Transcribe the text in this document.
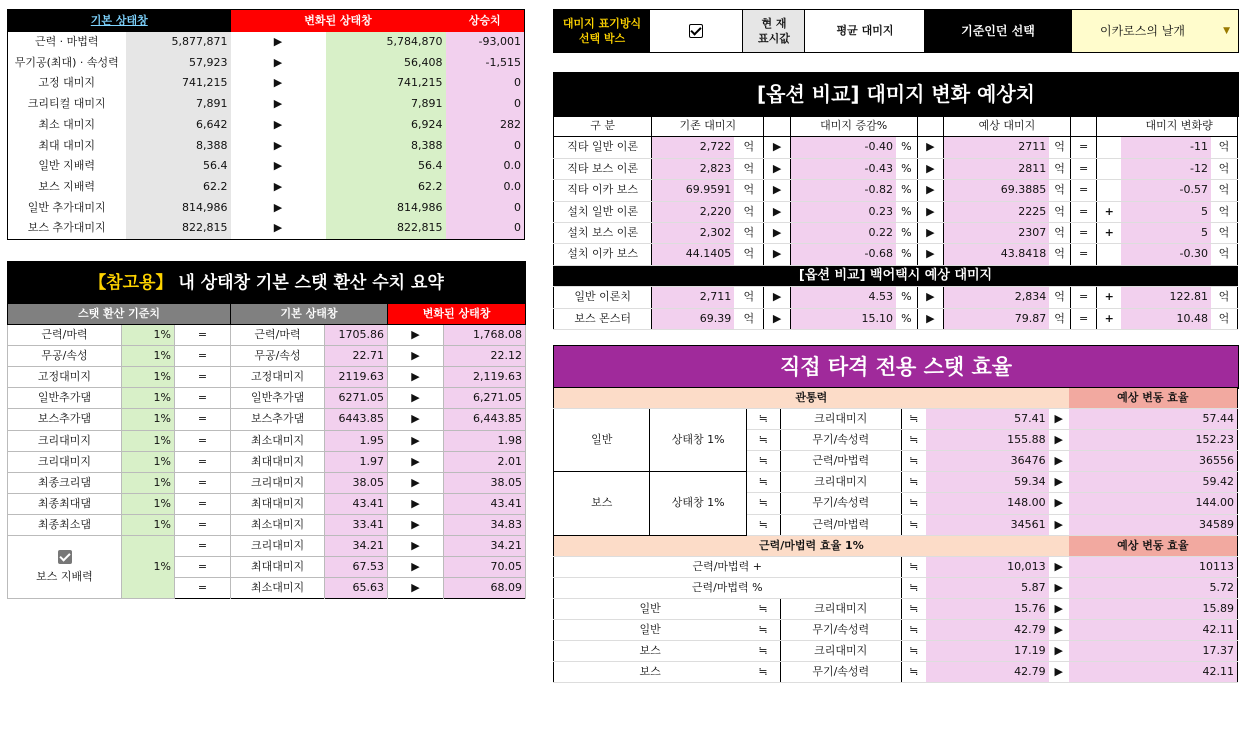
기본 상태창		변화된 상태창		상승치
근력 · 마법력	5,877,871	▶	5,784,870	-93,001
무기공(최대) · 속성력	57,923	▶	56,408	-1,515
고정 대미지	741,215	▶	741,215	0
크리티컬 대미지	7,891	▶	7,891	0
최소 대미지	6,642	▶	6,924	282
최대 대미지	8,388	▶	8,388	0
일반 지배력	56.4	▶	56.4	0.0
보스 지배력	62.2	▶	62.2	0.0
일반 추가대미지	814,986	▶	814,986	0
보스 추가대미지	822,815	▶	822,815	0
【참고용】 내 상태창 기본 스탯 환산 수치 요약
스탯 환산 기준치			기본 상태창		변화된 상태창	
근력/마력	1%	=	근력/마력	1705.86	▶	1,768.08
무공/속성	1%	=	무공/속성	22.71	▶	22.12
고정대미지	1%	=	고정대미지	2119.63	▶	2,119.63
일반추가댐	1%	=	일반추가댐	6271.05	▶	6,271.05
보스추가댐	1%	=	보스추가댐	6443.85	▶	6,443.85
크리대미지	1%	=	최소대미지	1.95	▶	1.98
크리대미지	1%	=	최대대미지	1.97	▶	2.01
최종크리댐	1%	=	크리대미지	38.05	▶	38.05
최종최대댐	1%	=	최대대미지	43.41	▶	43.41
최종최소댐	1%	=	최소대미지	33.41	▶	34.83

보스 지배력	1%	=	크리대미지	34.21	▶	34.21
		=	최대대미지	67.53	▶	70.05
		=	최소대미지	65.63	▶	68.09
대미지 표기방식
선택 박스
현 재
표시값
평균 대미지	기준인던 선택	이카로스의 날개	▼
[옵션 비교] 대미지 변화 예상치
구 분	기존 대미지			대미지 증감%			예상 대미지				대미지 변화량	
직타 일반 이론	2,722	억	▶	-0.40	%	▶	2711	억	=		-11	억
직타 보스 이론	2,823	억	▶	-0.43	%	▶	2811	억	=		-12	억
직타 이카 보스	69.9591	억	▶	-0.82	%	▶	69.3885	억	=		-0.57	억
설치 일반 이론	2,220	억	▶	0.23	%	▶	2225	억	=	+	5	억
설치 보스 이론	2,302	억	▶	0.22	%	▶	2307	억	=	+	5	억
설치 이카 보스	44.1405	억	▶	-0.68	%	▶	43.8418	억	=		-0.30	억
[옵션 비교] 백어택시 예상 대미지												
일반 이론치	2,711	억	▶	4.53	%	▶	2,834	억	=	+	122.81	억
보스 몬스터	69.39	억	▶	15.10	%	▶	79.87	억	=	+	10.48	억
직접 타격 전용 스탯 효율
관통력							예상 변동 효율
일반	상태창 1%	≒	크리대미지	≒	57.41	▶	57.44
		≒	무기/속성력	≒	155.88	▶	152.23
		≒	근력/마법력	≒	36476	▶	36556
보스	상태창 1%	≒	크리대미지	≒	59.34	▶	59.42
		≒	무기/속성력	≒	148.00	▶	144.00
		≒	근력/마법력	≒	34561	▶	34589
근력/마법력 효율 1%							예상 변동 효율
근력/마법력 +				≒	10,013	▶	10113
근력/마법력 %				≒	5.87	▶	5.72
일반		≒	크리대미지	≒	15.76	▶	15.89
일반		≒	무기/속성력	≒	42.79	▶	42.11
보스		≒	크리대미지	≒	17.19	▶	17.37
보스		≒	무기/속성력	≒	42.79	▶	42.11
